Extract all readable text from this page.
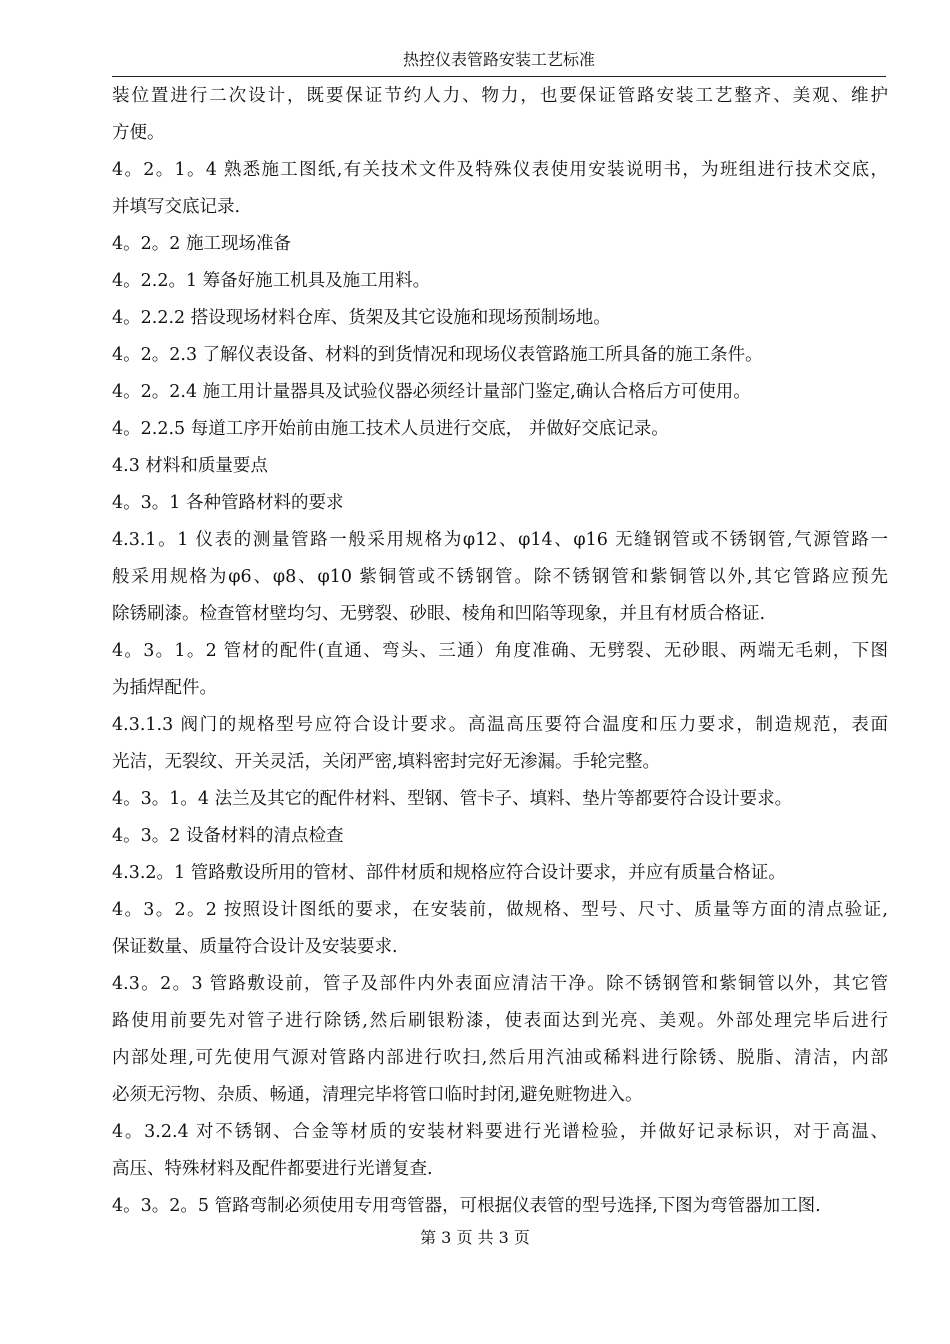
热控仪表管路安装工艺标准
装位置进行二次设计，既要保证节约人力、物力，也要保证管路安装工艺整齐、美观、维护
方便。
4。2。1。4 熟悉施工图纸,有关技术文件及特殊仪表使用安装说明书，为班组进行技术交底，
并填写交底记录.
4。2。2 施工现场准备
4。2.2。1 筹备好施工机具及施工用料。
4。2.2.2 搭设现场材料仓库、货架及其它设施和现场预制场地。
4。2。2.3 了解仪表设备、材料的到货情况和现场仪表管路施工所具备的施工条件。
4。2。2.4 施工用计量器具及试验仪器必须经计量部门鉴定,确认合格后方可使用。
4。2.2.5 每道工序开始前由施工技术人员进行交底， 并做好交底记录。
4.3 材料和质量要点
4。3。1 各种管路材料的要求
4.3.1。1 仪表的测量管路一般采用规格为φ12、φ14、φ16 无缝钢管或不锈钢管,气源管路一
般采用规格为φ6、φ8、φ10 紫铜管或不锈钢管。除不锈钢管和紫铜管以外,其它管路应预先
除锈刷漆。检查管材壁均匀、无劈裂、砂眼、棱角和凹陷等现象，并且有材质合格证.
4。3。1。2 管材的配件(直通、弯头、三通）角度准确、无劈裂、无砂眼、两端无毛刺，下图
为插焊配件。
4.3.1.3 阀门的规格型号应符合设计要求。高温高压要符合温度和压力要求，制造规范，表面
光洁，无裂纹、开关灵活，关闭严密,填料密封完好无渗漏。手轮完整。
4。3。1。4 法兰及其它的配件材料、型钢、管卡子、填料、垫片等都要符合设计要求。
4。3。2 设备材料的清点检查
4.3.2。1 管路敷设所用的管材、部件材质和规格应符合设计要求，并应有质量合格证。
4。3。2。2 按照设计图纸的要求，在安装前，做规格、型号、尺寸、质量等方面的清点验证,
保证数量、质量符合设计及安装要求.
4.3。2。3 管路敷设前，管子及部件内外表面应清洁干净。除不锈钢管和紫铜管以外，其它管
路使用前要先对管子进行除锈,然后刷银粉漆，使表面达到光亮、美观。外部处理完毕后进行
内部处理,可先使用气源对管路内部进行吹扫,然后用汽油或稀料进行除锈、脱脂、清洁，内部
必须无污物、杂质、畅通，清理完毕将管口临时封闭,避免赃物进入。
4。3.2.4 对不锈钢、合金等材质的安装材料要进行光谱检验，并做好记录标识，对于高温、
高压、特殊材料及配件都要进行光谱复查.
4。3。2。5 管路弯制必须使用专用弯管器，可根据仪表管的型号选择,下图为弯管器加工图.
第 3 页 共 3 页
